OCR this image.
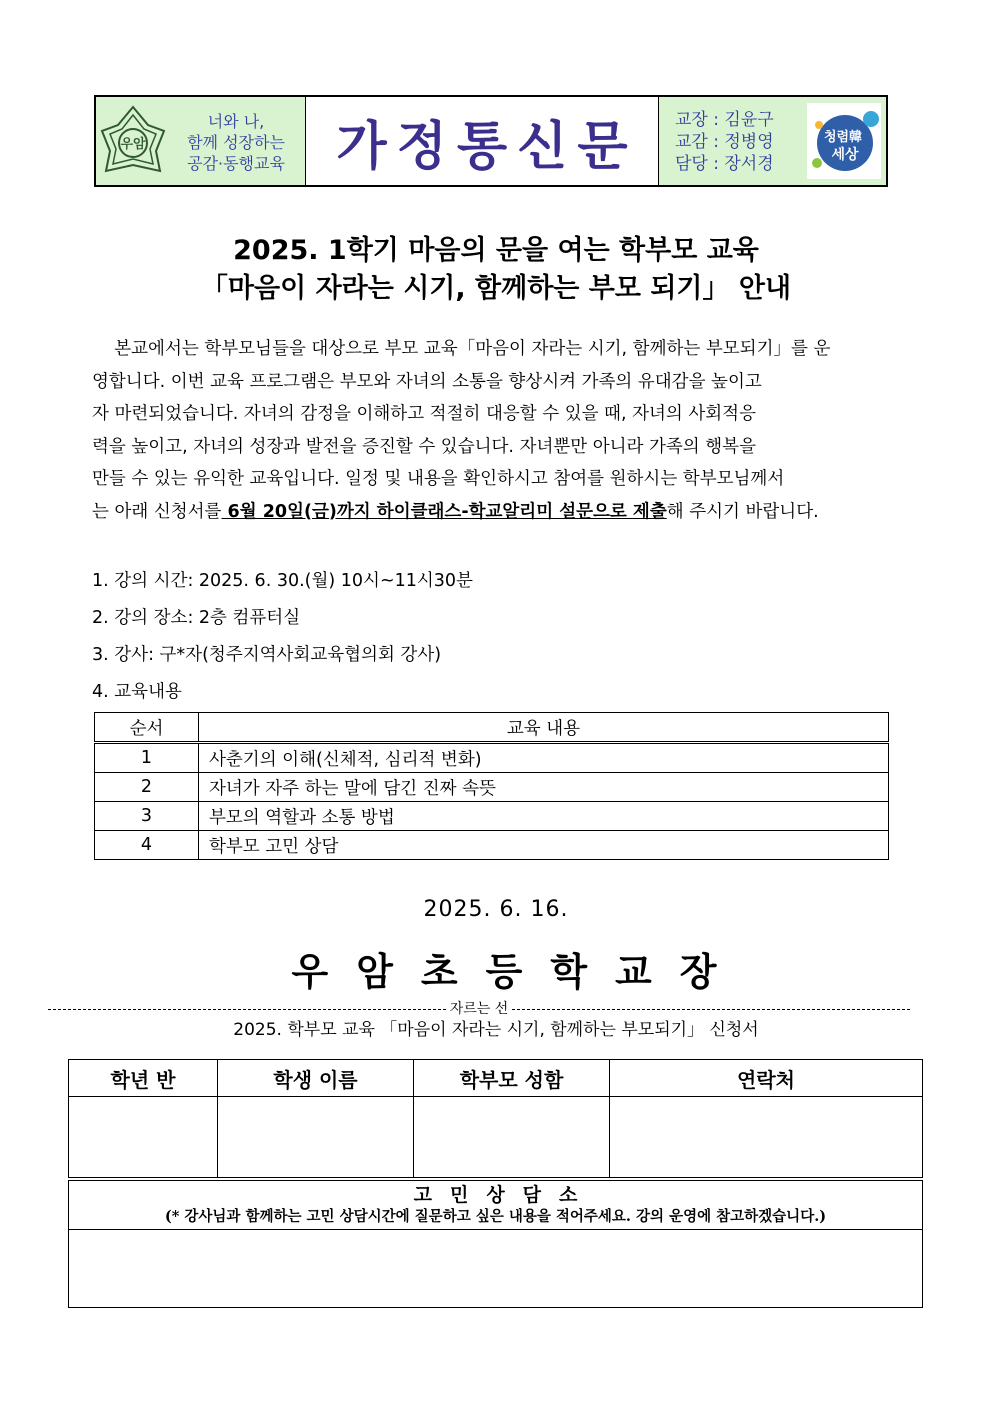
우암
너와 나,
함께 성장하는
공감·동행교육 가정통신문 교장 : 김윤구
교감 : 정병영
담당 : 장서경
청렴韓
세상
2025. 1학기 마음의 문을 여는 학부모 교육
「마음이 자라는 시기, 함께하는 부모 되기」 안내
본교에서는 학부모님들을 대상으로 부모 교육「마음이 자라는 시기, 함께하는 부모되기」를 운
영합니다. 이번 교육 프로그램은 부모와 자녀의 소통을 향상시켜 가족의 유대감을 높이고
자 마련되었습니다. 자녀의 감정을 이해하고 적절히 대응할 수 있을 때, 자녀의 사회적응
력을 높이고, 자녀의 성장과 발전을 증진할 수 있습니다. 자녀뿐만 아니라 가족의 행복을
만들 수 있는 유익한 교육입니다. 일정 및 내용을 확인하시고 참여를 원하시는 학부모님께서
는 아래 신청서를 6월 20일(금)까지 하이클래스-학교알리미 설문으로 제출해 주시기 바랍니다.
1. 강의 시간: 2025. 6. 30.(월) 10시~11시30분
2. 강의 장소: 2층 컴퓨터실
3. 강사: 구*자(청주지역사회교육협의회 강사)
4. 교육내용
순서	교육 내용
1	사춘기의 이해(신체적, 심리적 변화)
2	자녀가 자주 하는 말에 담긴 진짜 속뜻
3	부모의 역할과 소통 방법
4	학부모 고민 상담
2025. 6. 16.
우암초등학교장
자르는 선
2025. 학부모 교육 「마음이 자라는 시기, 함께하는 부모되기」 신청서
학년 반	학생 이름	학부모 성함	연락처

고민상담소
(* 강사님과 함께하는 고민 상담시간에 질문하고 싶은 내용을 적어주세요. 강의 운영에 참고하겠습니다.)
